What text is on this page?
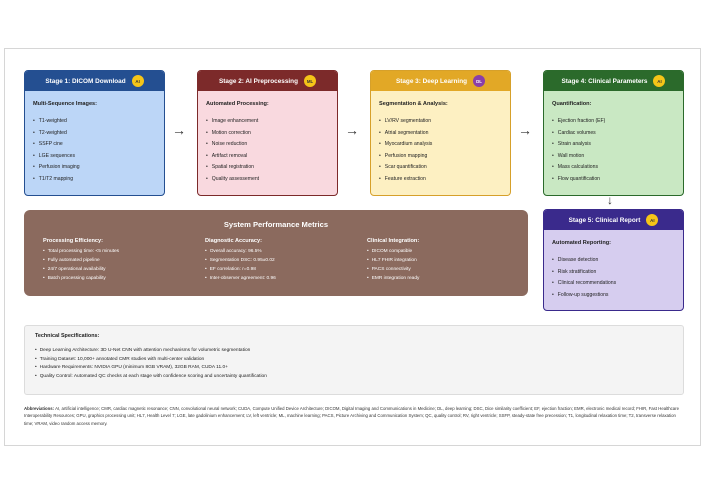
Stage 1: DICOM Download	AI
Multi-Sequence Images:
• T1-weighted
• T2-weighted
• SSFP cine
• LGE sequences
• Perfusion imaging
• T1/T2 mapping
Stage 2: AI Preprocessing	ML
Automated Processing:
• Image enhancement
• Motion correction
• Noise reduction
• Artifact removal
• Spatial registration
• Quality assessement
Stage 3: Deep Learning	DL
Segmentation & Analysis:
• LV/RV segmentation
• Atrial segmentation
• Myocardium analysis
• Perfusion mapping
• Scar quantification
• Feature extraction
Stage 4: Clinical Parameters	AI
Quantification:
• Ejection fraction (EF)
• Cardiac volumes
• Strain analysis
• Wall motion
• Mass calculations
• Flow quantification
Stage 5: Clinical Report	AI
Automated Reporting:
• Disease detection
• Risk stratification
• Clinical recommendations
• Follow-up suggestions
→	→	→
↓
System Performance Metrics
Processing Efficiency:
• Total processing time: <5 minutes
• Fully automated pipeline
• 24/7 operational availability
• Batch processing capability
Diagnostic Accuracy:
• Overall accuracy: 96.5%
• Segmentation DSC: 0.95±0.02
• EF correlation: r=0.98
• Inter-observer agreement: 0.96
Clinical Integration:
• DICOM compatible
• HL7 FHIR integration
• PACS connectivity
• EMR integration ready
Technical Specifications:
• Deep Learning Architecture: 3D U-Net CNN with attention mechanisms for volumetric segmentation
• Training Dataset: 10,000+ annotated CMR studies with multi-center validation
• Hardware Requirements: NVIDIA GPU (minimum 8GB VRAM), 32GB RAM, CUDA 11.0+
• Quality Control: Automated QC checks at each stage with confidence scoring and uncertainty quantification
Abbreviations: AI, artificial intelligence; CMR, cardiac magnetic resonance; CNN, convolutional neural network; CUDA, Compute Unified Device Architecture; DICOM, Digital Imaging and Communications in Medicine; DL, deep learning; DSC, Dice similarity coefficient; EF, ejection fraction; EMR, electronic medical record; FHIR, Fast Healthcare Interoperability Resources; GPU, graphics processing unit; HL7, Health Level 7; LGE, late gadolinium enhancement; LV, left ventricle; ML, machine learning; PACS, Picture Archiving and Communication System; QC, quality control; RV, right ventricle; SSFP, steady-state free precession; T1, longitudinal relaxation time; T2, transverse relaxation time; VRAM, video random access memory.
